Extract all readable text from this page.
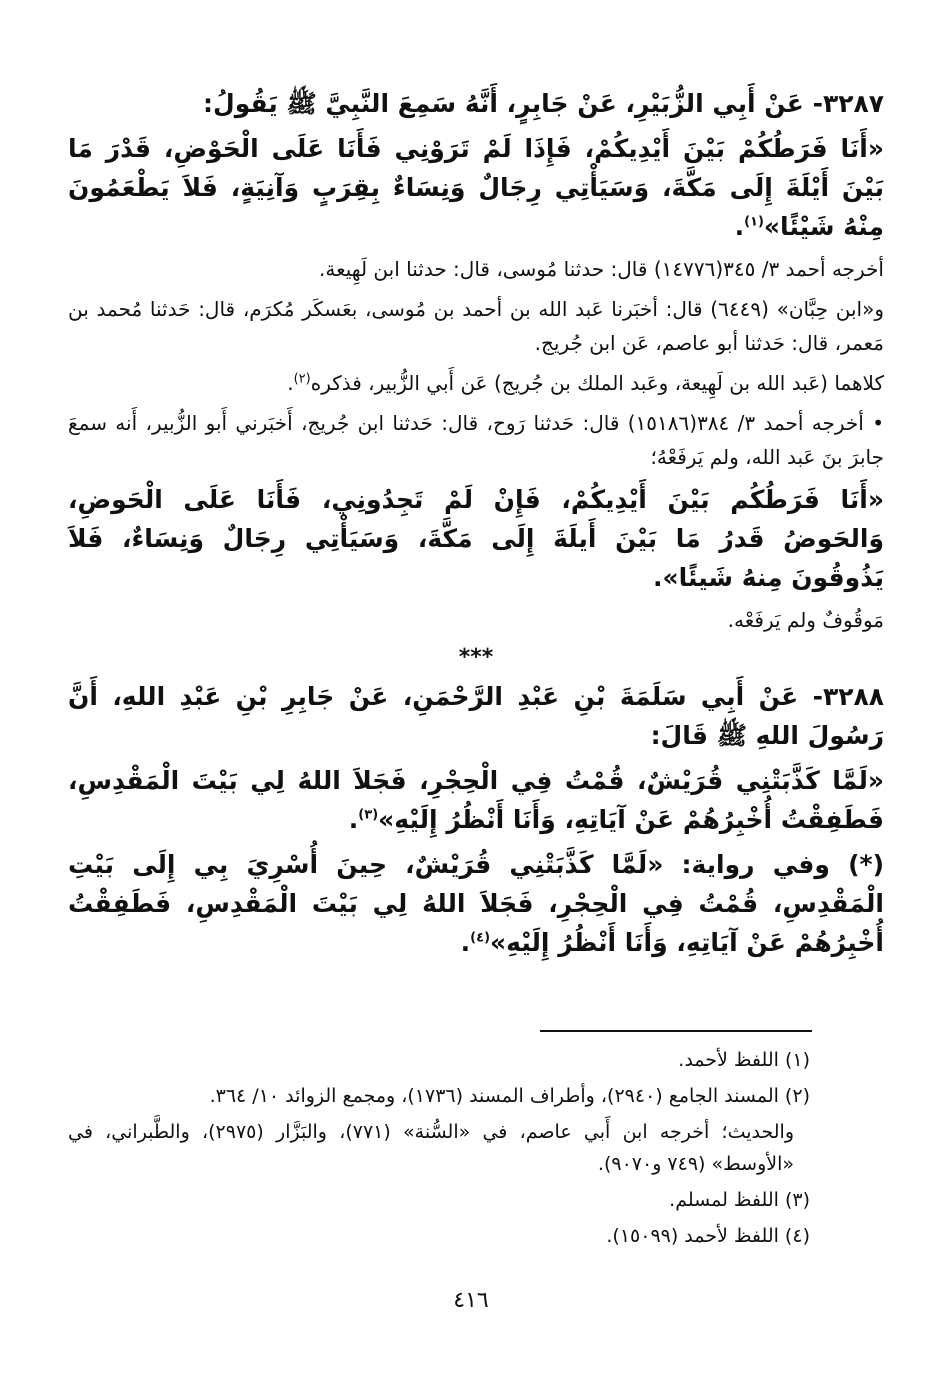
٣٢٨٧- عَنْ أَبِي الزُّبَيْرِ، عَنْ جَابِرٍ، أَنَّهُ سَمِعَ النَّبِيَّ ﷺ يَقُولُ:

«أَنَا فَرَطُكُمْ بَيْنَ أَيْدِيكُمْ، فَإِذَا لَمْ تَرَوْنِي فَأَنَا عَلَى الْحَوْضِ، قَدْرَ مَا بَيْنَ أَيْلَةَ إِلَى مَكَّةَ، وَسَيَأْتِي رِجَالٌ وَنِسَاءٌ بِقِرَبٍ وَآنِيَةٍ، فَلاَ يَطْعَمُونَ مِنْهُ شَيْئًا»$^{(١)}$.

أخرجه أحمد ٣/ ٣٤٥(١٤٧٧٦) قال: حدثنا مُوسى، قال: حدثنا ابن لَهِيعة.

و«ابن حِبَّان» (٦٤٤٩) قال: أخبَرنا عَبد الله بن أحمد بن مُوسى، بعَسكَر مُكرَم، قال: حَدثنا مُحمد بن مَعمر، قال: حَدثنا أبو عاصم، عَن ابن جُريج.

كلاهما (عَبد الله بن لَهِيعة، وعَبد الملك بن جُريج) عَن أَبي الزُّبير، فذكره$^{(٢)}$.

• أخرجه أحمد ٣/ ٣٨٤(١٥١٨٦) قال: حَدثنا رَوح، قال: حَدثنا ابن جُريج، أَخبَرني أَبو الزُّبير، أَنه سمعَ جابرَ بنَ عَبد الله، ولم يَرفَعْهُ؛

«أَنَا فَرَطُكُم بَيْنَ أَيْدِيكُمْ، فَإِنْ لَمْ تَجِدُونِي، فَأَنَا عَلَى الْحَوضِ، وَالحَوضُ قَدرُ مَا بَيْنَ أَيلَةَ إِلَى مَكَّةَ، وَسَيَأْتِي رِجَالٌ وَنِسَاءٌ، فَلاَ يَذُوقُونَ مِنهُ شَيئًا».

مَوقُوفٌ ولم يَرفَعْه.

***

٣٢٨٨- عَنْ أَبِي سَلَمَةَ بْنِ عَبْدِ الرَّحْمَنِ، عَنْ جَابِرِ بْنِ عَبْدِ اللهِ، أَنَّ رَسُولَ اللهِ ﷺ قَالَ:

«لَمَّا كَذَّبَتْنِي قُرَيْشٌ، قُمْتُ فِي الْحِجْرِ، فَجَلاَ اللهُ لِي بَيْتَ الْمَقْدِسِ، فَطَفِقْتُ أُخْبِرُهُمْ عَنْ آيَاتِهِ، وَأَنَا أَنْظُرُ إِلَيْهِ»$^{(٣)}$.

(*) وفي رواية: «لَمَّا كَذَّبَتْنِي قُرَيْشٌ، حِينَ أُسْرِيَ بِي إِلَى بَيْتِ الْمَقْدِسِ، قُمْتُ فِي الْحِجْرِ، فَجَلاَ اللهُ لِي بَيْتَ الْمَقْدِسِ، فَطَفِقْتُ أُخْبِرُهُمْ عَنْ آيَاتِهِ، وَأَنَا أَنْظُرُ إِلَيْهِ»$^{(٤)}$.

(١) اللفظ لأحمد.

(٢) المسند الجامع (٢٩٤٠)، وأطراف المسند (١٧٣٦)، ومجمع الزوائد ١٠/ ٣٦٤.

والحديث؛ أخرجه ابن أَبي عاصم، في «السُّنة» (٧٧١)، والبَزَّار (٢٩٧٥)، والطَّبراني، في «الأوسط» (٧٤٩ و٩٠٧٠).

(٣) اللفظ لمسلم.

(٤) اللفظ لأحمد (١٥٠٩٩).

٤١٦
